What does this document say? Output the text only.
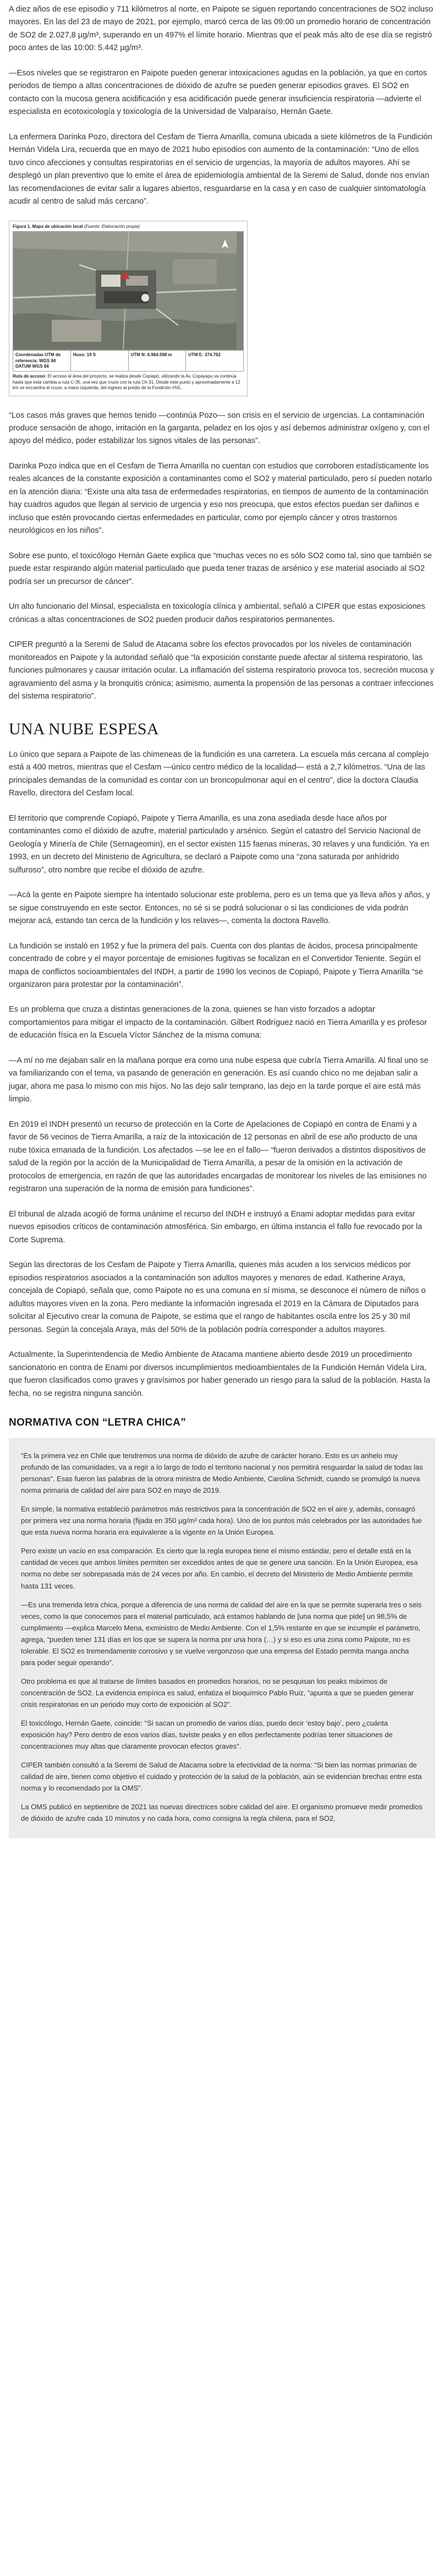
A diez años de ese episodio y 711 kilómetros al norte, en Paipote se siguen reportando concentraciones de SO2 incluso mayores. En las del 23 de mayo de 2021, por ejemplo, marcó cerca de las 09:00 un promedio horario de concentración de SO2 de 2.027,8 µg/m³, superando en un 497% el límite horario. Mientras que el peak más alto de ese día se registró poco antes de las 10:00: 5.442 µg/m³.

—Esos niveles que se registraron en Paipote pueden generar intoxicaciones agudas en la población, ya que en cortos periodos de tiempo a altas concentraciones de dióxido de azufre se pueden generar episodios graves. El SO2 en contacto con la mucosa genera acidificación y esa acidificación puede generar insuficiencia respiratoria —advierte el especialista en ecotoxicología y toxicología de la Universidad de Valparaíso, Hernán Gaete.

La enfermera Darinka Pozo, directora del Cesfam de Tierra Amarilla, comuna ubicada a siete kilómetros de la Fundición Hernán Videla Lira, recuerda que en mayo de 2021 hubo episodios con aumento de la contaminación: “Uno de ellos tuvo cinco afecciones y consultas respiratorias en el servicio de urgencias, la mayoría de adultos mayores. Ahí se desplegó un plan preventivo que lo emite el área de epidemiología ambiental de la Seremi de Salud, donde nos envían las recomendaciones de evitar salir a lugares abiertos, resguardarse en la casa y en caso de cualquier sintomatología acudir al centro de salud más cercano”.

Figura 1. Mapa de ubicación local (Fuente: Elaboración propia)
Coordenadas UTM de referencia: WGS 84 DATUM WGS 84
Huso: 19 S	UTM N: 6.964.598 m	UTM E: 374.762
Ruta de acceso: El acceso al área del proyecto, se realiza desde Copiapó, utilizando la Av. Copayapu va continúa hasta que esta cambia a ruta C-35, una vez que cruce con la ruta Ch-31. Desde este punto y aproximadamente a 12 km se encuentra el cruce, a mano izquierda, del ingreso al predio de la Fundición HVL.

“Los casos más graves que hemos tenido —continúa Pozo— son crisis en el servicio de urgencias. La contaminación produce sensación de ahogo, irritación en la garganta, peladez en los ojos y así debemos administrar oxígeno y, con el apoyo del médico, poder estabilizar los signos vitales de las personas”.

Darinka Pozo indica que en el Cesfam de Tierra Amarilla no cuentan con estudios que corroboren estadísticamente los reales alcances de la constante exposición a contaminantes como el SO2 y material particulado, pero sí pueden notarlo en la atención diaria: “Existe una alta tasa de enfermedades respiratorias, en tiempos de aumento de la contaminación hay cuadros agudos que llegan al servicio de urgencia y eso nos preocupa, que estos efectos puedan ser dañinos e incluso que estén provocando ciertas enfermedades en particular, como por ejemplo cáncer y otros trastornos neurológicos en los niños”.

Sobre ese punto, el toxicólogo Hernán Gaete explica que “muchas veces no es sólo SO2 como tal, sino que también se puede estar respirando algún material particulado que pueda tener trazas de arsénico y ese material asociado al SO2 podría ser un precursor de cáncer”.

Un alto funcionario del Minsal, especialista en toxicología clínica y ambiental, señaló a CIPER que estas exposiciones crónicas a altas concentraciones de SO2 pueden producir daños respiratorios permanentes.

CIPER preguntó a la Seremi de Salud de Atacama sobre los efectos provocados por los niveles de contaminación monitoreados en Paipote y la autoridad señaló que “la exposición constante puede afectar al sistema respiratorio, las funciones pulmonares y causar irritación ocular. La inflamación del sistema respiratorio provoca tos, secreción mucosa y agravamiento del asma y la bronquitis crónica; asimismo, aumenta la propensión de las personas a contraer infecciones del sistema respiratorio”.

UNA NUBE ESPESA

Lo único que separa a Paipote de las chimeneas de la fundición es una carretera. La escuela más cercana al complejo está a 400 metros, mientras que el Cesfam —único centro médico de la localidad— está a 2,7 kilómetros. “Una de las principales demandas de la comunidad es contar con un broncopulmonar aquí en el centro”, dice la doctora Claudia Ravello, directora del Cesfam local.

El territorio que comprende Copiapó, Paipote y Tierra Amarilla, es una zona asediada desde hace años por contaminantes como el dióxido de azufre, material particulado y arsénico. Según el catastro del Servicio Nacional de Geología y Minería de Chile (Sernageomin), en el sector existen 115 faenas mineras, 30 relaves y una fundición. Ya en 1993, en un decreto del Ministerio de Agricultura, se declaró a Paipote como una “zona saturada por anhídrido sulfuroso”, otro nombre que recibe el dióxido de azufre.

—Acá la gente en Paipote siempre ha intentado solucionar este problema, pero es un tema que ya lleva años y años, y se sigue construyendo en este sector. Entonces, no sé si se podrá solucionar o si las condiciones de vida podrán mejorar acá, estando tan cerca de la fundición y los relaves—, comenta la doctora Ravello.

La fundición se instaló en 1952 y fue la primera del país. Cuenta con dos plantas de ácidos, procesa principalmente concentrado de cobre y el mayor porcentaje de emisiones fugitivas se focalizan en el Convertidor Teniente. Según el mapa de conflictos socioambientales del INDH, a partir de 1990 los vecinos de Copiapó, Paipote y Tierra Amarilla “se organizaron para protestar por la contaminación”.

Es un problema que cruza a distintas generaciones de la zona, quienes se han visto forzados a adoptar comportamientos para mitigar el impacto de la contaminación. Gilbert Rodríguez nació en Tierra Amarilla y es profesor de educación física en la Escuela Víctor Sánchez de la misma comuna:

—A mí no me dejaban salir en la mañana porque era como una nube espesa que cubría Tierra Amarilla. Al final uno se va familiarizando con el tema, va pasando de generación en generación. Es así cuando chico no me dejaban salir a jugar, ahora me pasa lo mismo con mis hijos. No las dejo salir temprano, las dejo en la tarde porque el aire está más limpio.

En 2019 el INDH presentó un recurso de protección en la Corte de Apelaciones de Copiapó en contra de Enami y a favor de 56 vecinos de Tierra Amarilla, a raíz de la intoxicación de 12 personas en abril de ese año producto de una nube tóxica emanada de la fundición. Los afectados —se lee en el fallo— “fueron derivados a distintos dispositivos de salud de la región por la acción de la Municipalidad de Tierra Amarilla, a pesar de la omisión en la activación de protocolos de emergencia, en razón de que las autoridades encargadas de monitorear los niveles de las emisiones no registraron una superación de la norma de emisión para fundiciones”.

El tribunal de alzada acogió de forma unánime el recurso del INDH e instruyó a Enami adoptar medidas para evitar nuevos episodios críticos de contaminación atmosférica. Sin embargo, en última instancia el fallo fue revocado por la Corte Suprema.

Según las directoras de los Cesfam de Paipote y Tierra Amarilla, quienes más acuden a los servicios médicos por episodios respiratorios asociados a la contaminación son adultos mayores y menores de edad. Katherine Araya, concejala de Copiapó, señala que, como Paipote no es una comuna en sí misma, se desconoce el número de niños o adultos mayores viven en la zona. Pero mediante la información ingresada el 2019 en la Cámara de Diputados para solicitar al Ejecutivo crear la comuna de Paipote, se estima que el rango de habitantes oscila entre los 25 y 30 mil personas. Según la concejala Araya, más del 50% de la población podría corresponder a adultos mayores.

Actualmente, la Superintendencia de Medio Ambiente de Atacama mantiene abierto desde 2019 un procedimiento sancionatorio en contra de Enami por diversos incumplimientos medioambientales de la Fundición Hernán Videla Lira, que fueron clasificados como graves y gravísimos por haber generado un riesgo para la salud de la población. Hasta la fecha, no se registra ninguna sanción.

NORMATIVA CON “LETRA CHICA”

“Es la primera vez en Chile que tendremos una norma de dióxido de azufre de carácter horario. Esto es un anhelo muy profundo de las comunidades, va a regir a lo largo de todo el territorio nacional y nos permitirá resguardar la salud de todas las personas”. Esas fueron las palabras de la otrora ministra de Medio Ambiente, Carolina Schmidt, cuando se promulgó la nueva norma primaria de calidad del aire para SO2 en mayo de 2019.

En simple, la normativa estableció parámetros más restrictivos para la concentración de SO2 en el aire y, además, consagró por primera vez una norma horaria (fijada en 350 µg/m³ cada hora). Uno de los puntos más celebrados por las autoridades fue que esta nueva norma horaria era equivalente a la vigente en la Unión Europea.

Pero existe un vacío en esa comparación. Es cierto que la regla europea tiene el mismo estándar, pero el detalle está en la cantidad de veces que ambos límites permiten ser excedidos antes de que se genere una sanción. En la Unión Europea, esa norma no debe ser sobrepasada más de 24 veces por año. En cambio, el decreto del Ministerio de Medio Ambiente permite hasta 131 veces.

—Es una tremenda letra chica, porque a diferencia de una norma de calidad del aire en la que se permite superarla tres o seis veces, como la que conocemos para el material particulado, acá estamos hablando de [una norma que pide] un 98,5% de cumplimiento —explica Marcelo Mena, exministro de Medio Ambiente. Con el 1,5% restante en que se incumple el parámetro, agrega, “pueden tener 131 días en los que se supera la norma por una hora (…) y si eso es una zona como Paipote, no es tolerable. El SO2 es tremendamente corrosivo y se vuelve vergonzoso que una empresa del Estado permita manga ancha para poder seguir operando”.

Otro problema es que al tratarse de límites basados en promedios horarios, no se pesquisan los peaks máximos de concentración de SO2. La evidencia empírica es salud, enfatiza el bioquímico Pablo Ruiz, “apunta a que se pueden generar crisis respiratorias en un periodo muy corto de exposición al SO2”.

El toxicólogo, Hernán Gaete, coincide: “Si sacan un promedio de varios días, puedo decir ‘estoy bajo’, pero ¿cuánta exposición hay? Pero dentro de esos varios días, tuviste peaks y en ellos perfectamente podrías tener situaciones de concentraciones muy altas que claramente provocan efectos graves”.

CIPER también consultó a la Seremi de Salud de Atacama sobre la efectividad de la norma: “Si bien las normas primarias de calidad de aire, tienen como objetivo el cuidado y protección de la salud de la población, aún se evidencian brechas entre esta norma y lo recomendado por la OMS”.

La OMS publicó en septiembre de 2021 las nuevas directrices sobre calidad del aire. El organismo promueve medir promedios de dióxido de azufre cada 10 minutos y no cada hora, como consigna la regla chilena, para el SO2.
